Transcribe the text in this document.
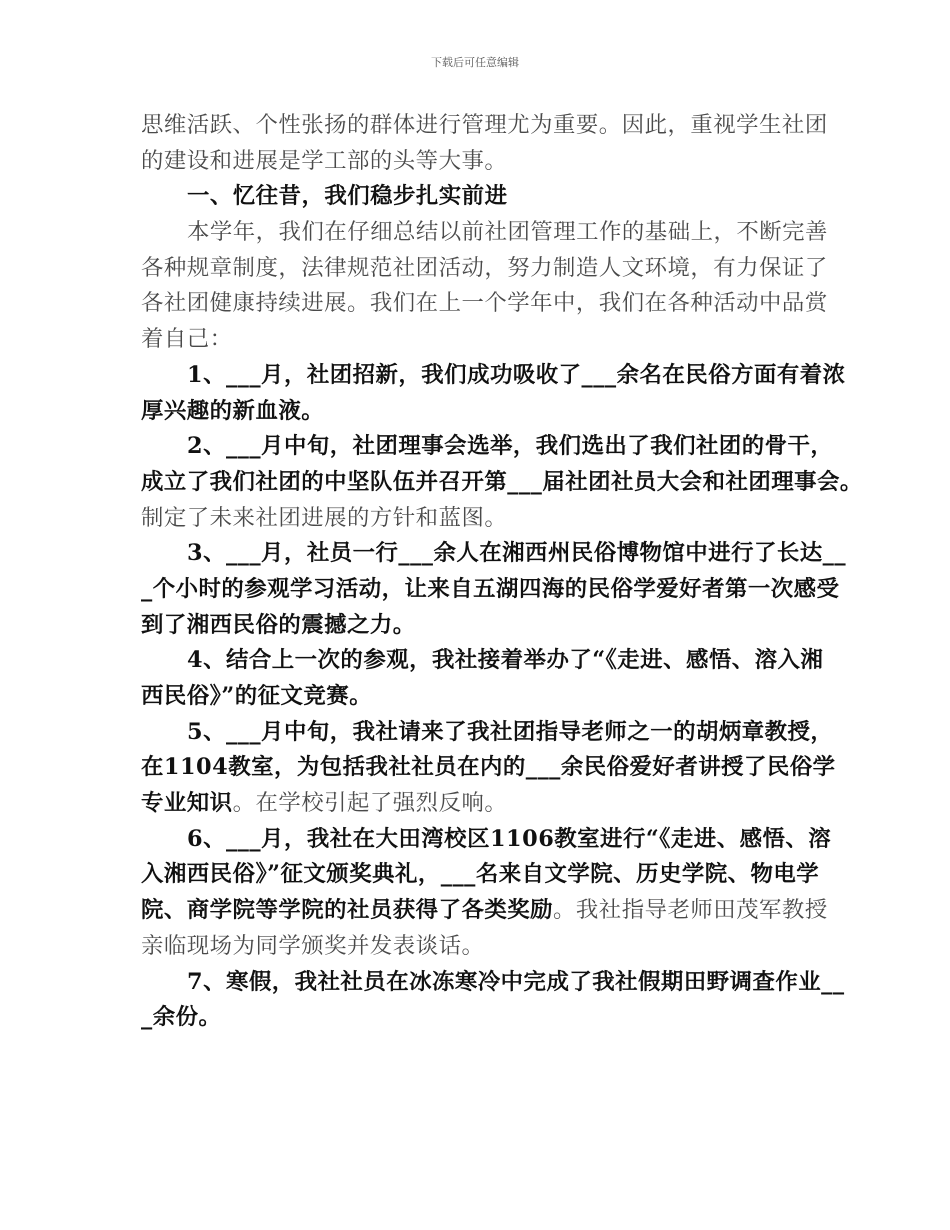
下载后可任意编辑
思维活跃、个性张扬的群体进行管理尤为重要。因此，重视学生社团
的建设和进展是学工部的头等大事。
一、忆往昔，我们稳步扎实前进
本学年，我们在仔细总结以前社团管理工作的基础上，不断完善
各种规章制度，法律规范社团活动，努力制造人文环境，有力保证了
各社团健康持续进展。我们在上一个学年中，我们在各种活动中品赏
着自己：
1、___月，社团招新，我们成功吸收了___余名在民俗方面有着浓
厚兴趣的新血液。
2、___月中旬，社团理事会选举，我们选出了我们社团的骨干，
成立了我们社团的中坚队伍并召开第___届社团社员大会和社团理事会。
制定了未来社团进展的方针和蓝图。
3、___月，社员一行___余人在湘西州民俗博物馆中进行了长达__
_个小时的参观学习活动，让来自五湖四海的民俗学爱好者第一次感受
到了湘西民俗的震撼之力。
4、结合上一次的参观，我社接着举办了“《走进、感悟、溶入湘
西民俗》”的征文竞赛。
5、___月中旬，我社请来了我社团指导老师之一的胡炳章教授，
在1104教室，为包括我社社员在内的___余民俗爱好者讲授了民俗学
专业知识。在学校引起了强烈反响。
6、___月，我社在大田湾校区1106教室进行“《走进、感悟、溶
入湘西民俗》”征文颁奖典礼，___名来自文学院、历史学院、物电学
院、商学院等学院的社员获得了各类奖励。我社指导老师田茂军教授
亲临现场为同学颁奖并发表谈话。
7、寒假，我社社员在冰冻寒冷中完成了我社假期田野调查作业__
_余份。
